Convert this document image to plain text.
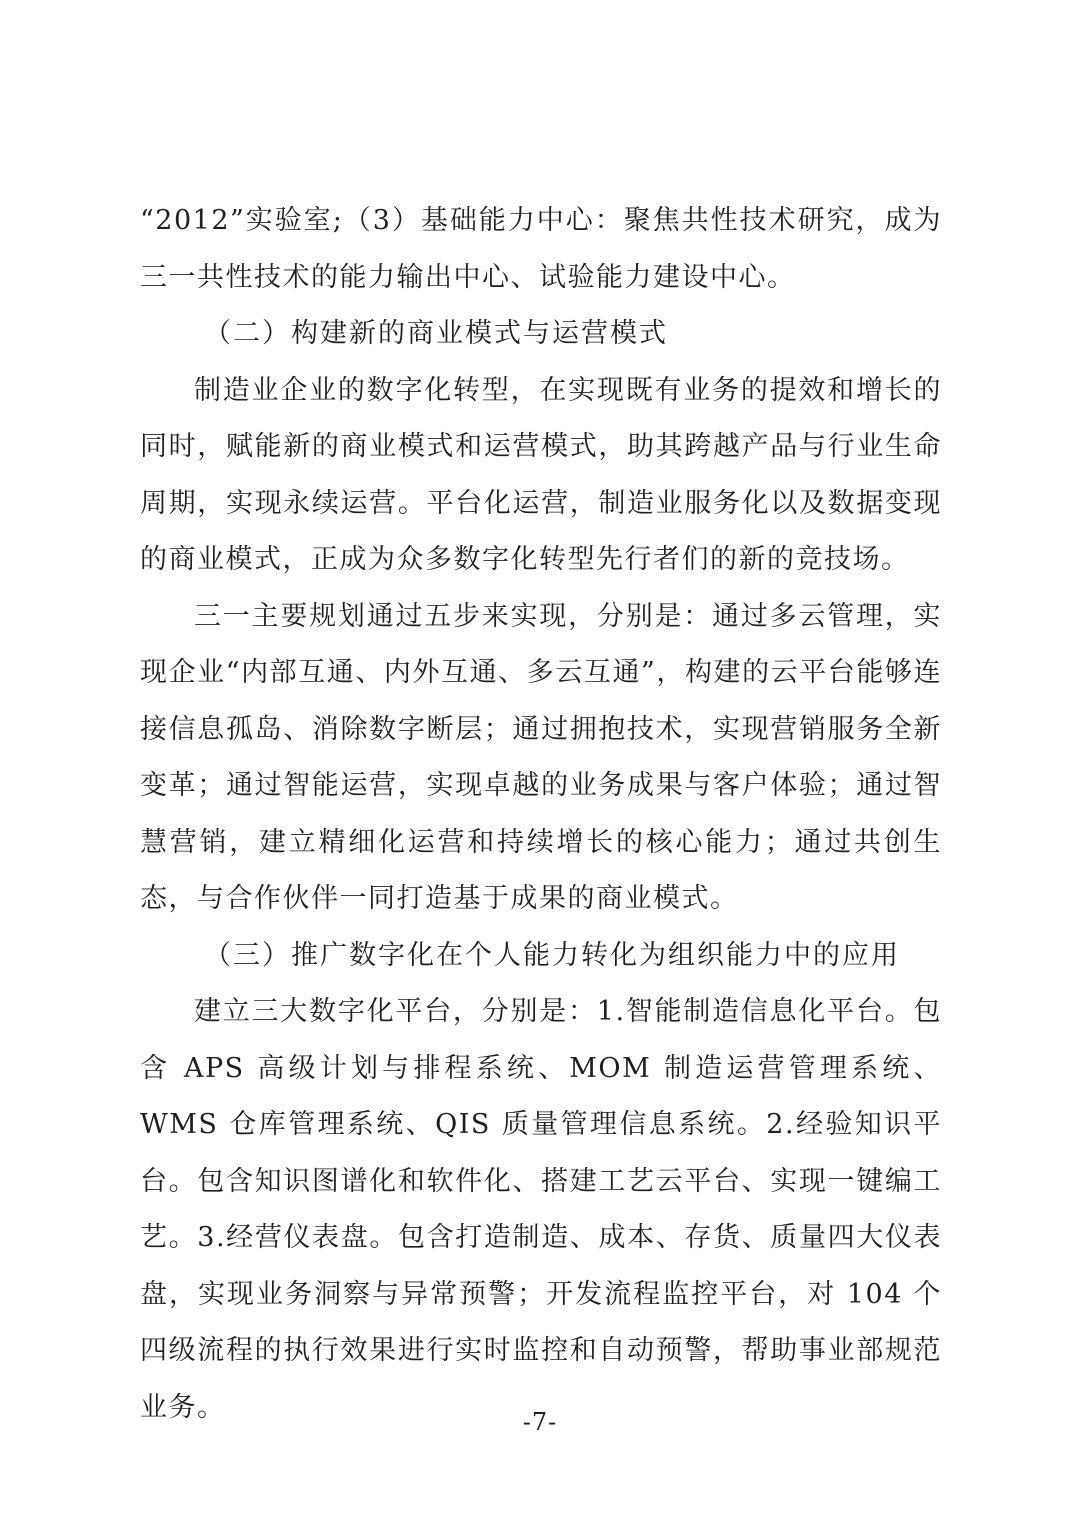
“2012”实验室;（3）基础能力中心：聚焦共性技术研究，成为三一共性技术的能力输出中心、试验能力建设中心。

（二）构建新的商业模式与运营模式

制造业企业的数字化转型，在实现既有业务的提效和增长的同时，赋能新的商业模式和运营模式，助其跨越产品与行业生命周期，实现永续运营。平台化运营，制造业服务化以及数据变现的商业模式，正成为众多数字化转型先行者们的新的竞技场。

三一主要规划通过五步来实现，分别是：通过多云管理，实现企业“内部互通、内外互通、多云互通”，构建的云平台能够连接信息孤岛、消除数字断层；通过拥抱技术，实现营销服务全新变革；通过智能运营，实现卓越的业务成果与客户体验；通过智慧营销，建立精细化运营和持续增长的核心能力；通过共创生态，与合作伙伴一同打造基于成果的商业模式。

（三）推广数字化在个人能力转化为组织能力中的应用

建立三大数字化平台，分别是：1.智能制造信息化平台。包含 APS 高级计划与排程系统、MOM 制造运营管理系统、WMS 仓库管理系统、QIS 质量管理信息系统。2.经验知识平台。包含知识图谱化和软件化、搭建工艺云平台、实现一键编工艺。3.经营仪表盘。包含打造制造、成本、存货、质量四大仪表盘，实现业务洞察与异常预警；开发流程监控平台，对 104 个四级流程的执行效果进行实时监控和自动预警，帮助事业部规范业务。	-7-
